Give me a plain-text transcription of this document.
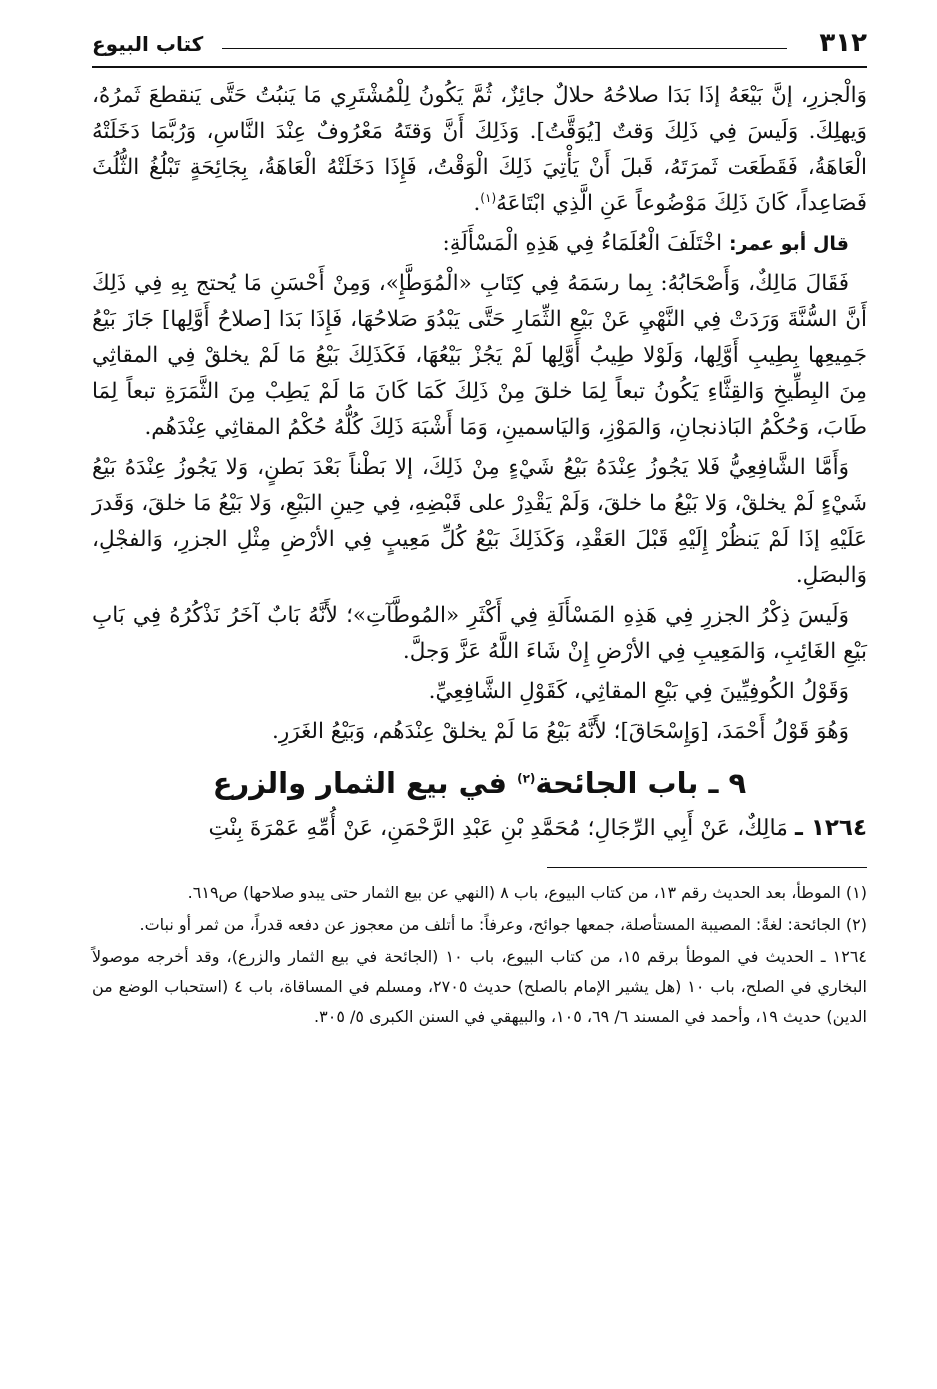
٣١٢
كتاب البيوع

وَالْجزرِ، إنَّ بَيْعَهُ إذَا بَدَا صلاحُهُ حلالٌ جائِزٌ، ثُمَّ يَكُونُ لِلْمُشْتَرِي مَا يَنبُتُ حَتَّى يَنقطعَ ثَمرُهُ، وَيهلِكَ. وَلَيسَ فِي ذَلِكَ وَقتٌ [يُوَقَّتُ]. وَذَلِكَ أَنَّ وَقتَهُ مَعْرُوفٌ عِنْدَ النَّاسِ، وَرُبَّمَا دَخَلَتْهُ الْعَاهَةُ، فَقَطَعَت ثَمرَتَهُ، قَبلَ أَنْ يَأْتِيَ ذَلِكَ الْوَقْتُ، فَإِذَا دَخَلَتْهُ الْعَاهَةُ، بِجَائِحَةٍ تَبْلُغُ الثُّلُثَ فَصَاعِداً، كَانَ ذَلِكَ مَوْضُوعاً عَنِ الَّذِي ابْتَاعَهُ$^{(١)}$.

قال أبو عمر: اخْتَلَفَ الْعُلَمَاءُ فِي هَذِهِ الْمَسْأَلَةِ:

فَقَالَ مَالِكٌ، وَأَصْحَابُهُ: بِما رسَمَهُ فِي كِتَابِ «الْمُوَطَّإِ»، وَمِنْ أَحْسَنِ مَا يُحتج بِهِ فِي ذَلِكَ أَنَّ السُّنَّةَ وَرَدَتْ فِي النَّهْيِ عَنْ بَيْعِ الثِّمَارِ حَتَّى يَبْدُوَ صَلاحُهَا، فَإِذَا بَدَا [صلاحُ أَوَّلِها] جَازَ بَيْعُ جَمِيعِها بِطِيبِ أَوَّلِها، وَلَوْلا طِيبُ أَوَّلِها لَمْ يَجُزْ بَيْعُهَا، فَكَذَلِكَ بَيْعُ مَا لَمْ يخلقْ فِي المقاثِي مِنَ البِطِّيخِ وَالقِثَّاءِ يَكُونُ تبعاً لِمَا خلقَ مِنْ ذَلِكَ كَمَا كَانَ مَا لَمْ يَطِبْ مِنَ الثَّمَرَةِ تبعاً لِمَا طَابَ، وَحُكْمُ البَاذنجانِ، وَالمَوْزِ، وَاليَاسمينِ، وَمَا أَشْبَهَ ذَلِكَ كُلُّهُ حُكْمُ المقاثِي عِنْدَهُم.

وَأَمَّا الشَّافِعِيُّ فَلا يَجُوزُ عِنْدَهُ بَيْعُ شَيْءٍ مِنْ ذَلِكَ، إلا بَطْناً بَعْدَ بَطنٍ، وَلا يَجُوزُ عِنْدَهُ بَيْعُ شَيْءٍ لَمْ يخلقْ، وَلا بَيْعُ ما خلقَ، وَلَمْ يَقْدِرْ على قَبْضِهِ، فِي حِينِ البَيْعِ، وَلا بَيْعُ مَا خلقَ، وَقَدرَ عَلَيْهِ إذَا لَمْ يَنظُرْ إِلَيْهِ قَبْلَ العَقْدِ، وَكَذَلِكَ بَيْعُ كُلِّ مَعِيبٍ فِي الأرْضِ مِثْلِ الجزرِ، وَالفجْلِ، وَالبصَلِ.

وَلَيسَ ذِكْرُ الجزرِ فِي هَذِهِ المَسْأَلَةِ فِي أَكْثَرِ «المُوطَّآتِ»؛ لأَنَّهُ بَابٌ آخَرُ نَذْكُرُهُ فِي بَابِ بَيْعِ الغَائِبِ، وَالمَعِيبِ فِي الأرْضِ إِنْ شَاءَ اللَّهُ عَزَّ وَجلَّ.

وَقَوْلُ الكُوفِيِّينَ فِي بَيْعِ المقاثِي، كَقَوْلِ الشَّافِعِيِّ.

وَهُوَ قَوْلُ أَحْمَدَ، [وَإِسْحَاقَ]؛ لأَنَّهُ بَيْعُ مَا لَمْ يخلقْ عِنْدَهُم، وَبَيْعُ الغَرَرِ.

٩ ـ باب الجائحة$^{(٢)}$ في بيع الثمار والزرع

١٢٦٤ ـ مَالِكٌ، عَنْ أَبِي الرِّجَالِ؛ مُحَمَّدِ بْنِ عَبْدِ الرَّحْمَنِ، عَنْ أُمِّهِ عَمْرَةَ بِنْتِ

(١) الموطأ، بعد الحديث رقم ١٣، من كتاب البيوع، باب ٨ (النهي عن بيع الثمار حتى يبدو صلاحها) ص٦١٩.

(٢) الجائحة: لغةً: المصيبة المستأصلة، جمعها جوائح، وعرفاً: ما أتلف من معجوز عن دفعه قدراً، من ثمر أو نبات.

١٢٦٤ ـ الحديث في الموطأ برقم ١٥، من كتاب البيوع، باب ١٠ (الجائحة في بيع الثمار والزرع)، وقد أخرجه موصولاً البخاري في الصلح، باب ١٠ (هل يشير الإمام بالصلح) حديث ٢٧٠٥، ومسلم في المساقاة، باب ٤ (استحباب الوضع من الدين) حديث ١٩، وأحمد في المسند ٦/ ٦٩، ١٠٥، والبيهقي في السنن الكبرى ٥/ ٣٠٥.
